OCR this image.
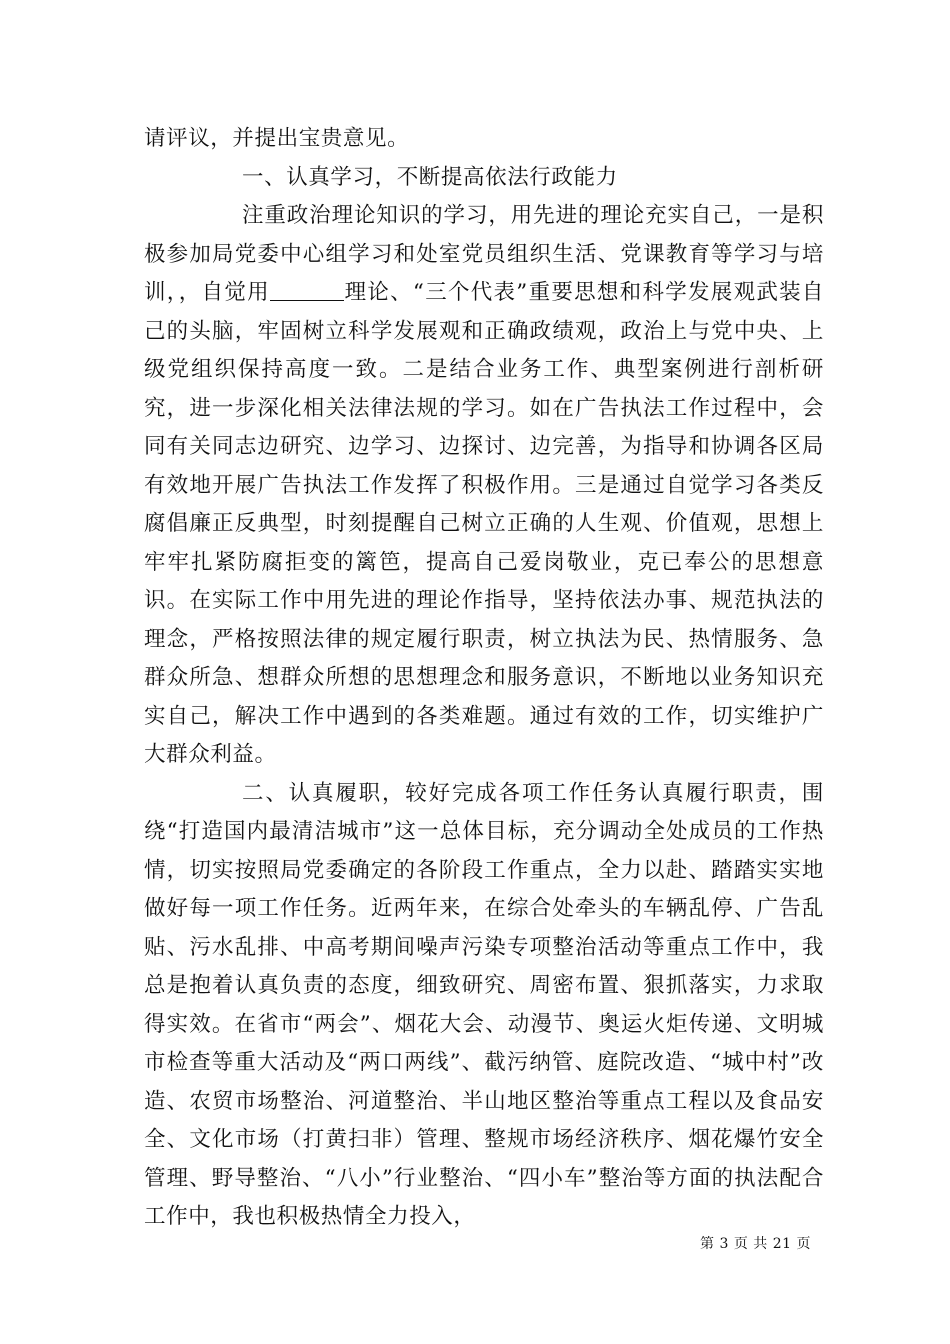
请评议，并提出宝贵意见。

一、认真学习，不断提高依法行政能力

注重政治理论知识的学习，用先进的理论充实自己，一是积极参加局党委中心组学习和处室党员组织生活、党课教育等学习与培训，，自觉用	理论、“三个代表”重要思想和科学发展观武装自己的头脑，牢固树立科学发展观和正确政绩观，政治上与党中央、上级党组织保持高度一致。二是结合业务工作、典型案例进行剖析研究，进一步深化相关法律法规的学习。如在广告执法工作过程中，会同有关同志边研究、边学习、边探讨、边完善，为指导和协调各区局有效地开展广告执法工作发挥了积极作用。三是通过自觉学习各类反腐倡廉正反典型，时刻提醒自己树立正确的人生观、价值观，思想上牢牢扎紧防腐拒变的篱笆，提高自己爱岗敬业，克已奉公的思想意识。在实际工作中用先进的理论作指导，坚持依法办事、规范执法的理念，严格按照法律的规定履行职责，树立执法为民、热情服务、急群众所急、想群众所想的思想理念和服务意识，不断地以业务知识充实自己，解决工作中遇到的各类难题。通过有效的工作，切实维护广大群众利益。

二、认真履职，较好完成各项工作任务认真履行职责，围绕“打造国内最清洁城市”这一总体目标，充分调动全处成员的工作热情，切实按照局党委确定的各阶段工作重点，全力以赴、踏踏实实地做好每一项工作任务。近两年来，在综合处牵头的车辆乱停、广告乱贴、污水乱排、中高考期间噪声污染专项整治活动等重点工作中，我总是抱着认真负责的态度，细致研究、周密布置、狠抓落实，力求取得实效。在省市“两会”、烟花大会、动漫节、奥运火炬传递、文明城市检查等重大活动及“两口两线”、截污纳管、庭院改造、“城中村”改造、农贸市场整治、河道整治、半山地区整治等重点工程以及食品安全、文化市场（打黄扫非）管理、整规市场经济秩序、烟花爆竹安全管理、野导整治、“八小”行业整治、“四小车”整治等方面的执法配合工作中，我也积极热情全力投入，

第 3 页 共 21 页
